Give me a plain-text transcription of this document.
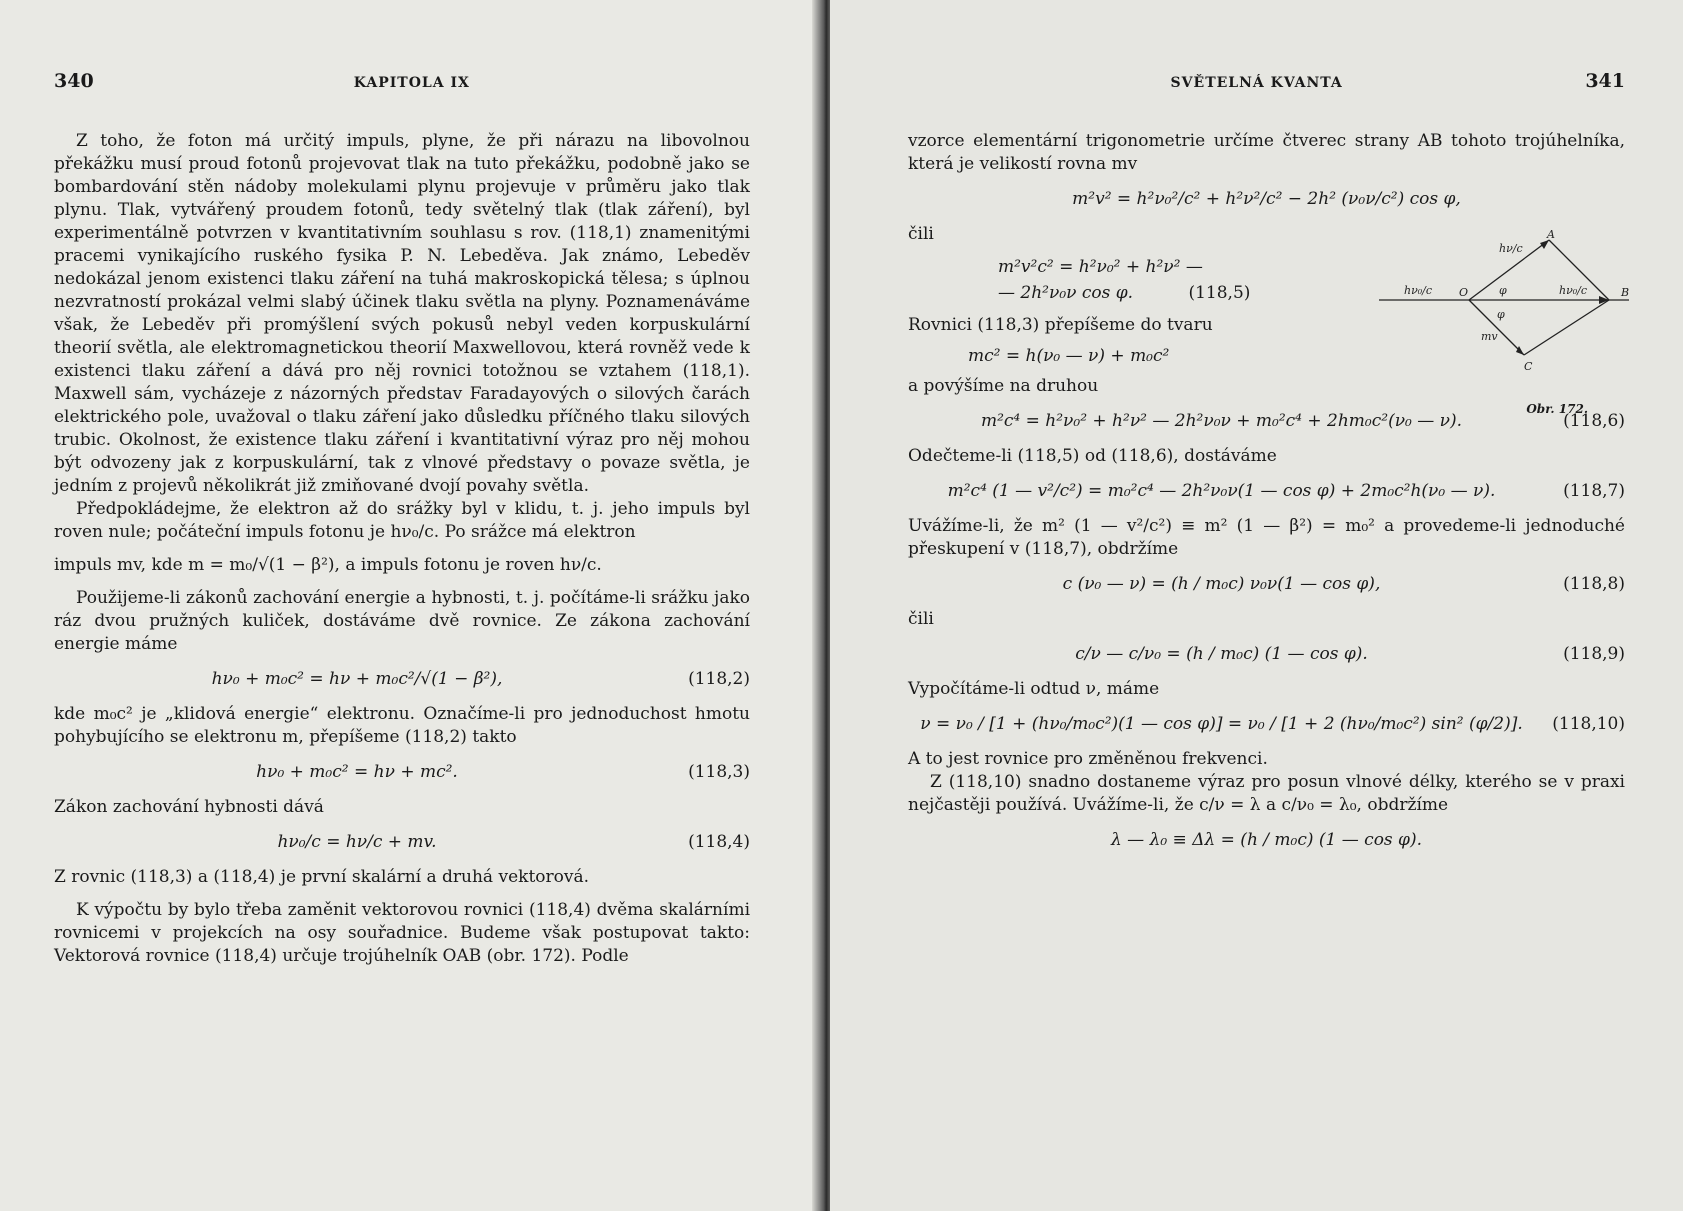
340	KAPITOLA IX

Z toho, že foton má určitý impuls, plyne, že při nárazu na libovolnou překážku musí proud fotonů projevovat tlak na tuto překážku, podobně jako se bombardování stěn nádoby molekulami plynu projevuje v průměru jako tlak plynu. Tlak, vytvářený proudem fotonů, tedy světelný tlak (tlak záření), byl experimentálně potvrzen v kvantitativním souhlasu s rov. (118,1) znamenitými pracemi vynikajícího ruského fysika P. N. Lebeděva. Jak známo, Lebeděv nedokázal jenom existenci tlaku záření na tuhá makroskopická tělesa; s úplnou nezvratností prokázal velmi slabý účinek tlaku světla na plyny. Poznamenáváme však, že Lebeděv při promýšlení svých pokusů nebyl veden korpuskulární theorií světla, ale elektromagnetickou theorií Maxwellovou, která rovněž vede k existenci tlaku záření a dává pro něj rovnici totožnou se vztahem (118,1). Maxwell sám, vycházeje z názorných představ Faradayových o silových čarách elektrického pole, uvažoval o tlaku záření jako důsledku příčného tlaku silových trubic. Okolnost, že existence tlaku záření i kvantitativní výraz pro něj mohou být odvozeny jak z korpuskulární, tak z vlnové představy o povaze světla, je jedním z projevů několikrát již zmiňované dvojí povahy světla.

Předpokládejme, že elektron až do srážky byl v klidu, t. j. jeho impuls byl roven nule; počáteční impuls fotonu je hν₀/c. Po srážce má elektron

impuls mv, kde m = m₀/√(1 − β²), a impuls fotonu je roven hν/c.

Použijeme-li zákonů zachování energie a hybnosti, t. j. počítáme-li srážku jako ráz dvou pružných kuliček, dostáváme dvě rovnice. Ze zákona zachování energie máme

hν₀ + m₀c² = hν + m₀c²/√(1 − β²),	(118,2)

kde m₀c² je „klidová energie“ elektronu. Označíme-li pro jednoduchost hmotu pohybujícího se elektronu m, přepíšeme (118,2) takto

hν₀ + m₀c² = hν + mc².	(118,3)

Zákon zachování hybnosti dává

hν₀/c = hν/c + mv.	(118,4)

Z rovnic (118,3) a (118,4) je první skalární a druhá vektorová.

K výpočtu by bylo třeba zaměnit vektorovou rovnici (118,4) dvěma skalárními rovnicemi v projekcích na osy souřadnice. Budeme však postupovat takto: Vektorová rovnice (118,4) určuje trojúhelník OAB (obr. 172). Podle

SVĚTELNÁ KVANTA	341

vzorce elementární trigonometrie určíme čtverec strany AB tohoto trojúhelníka, která je velikostí rovna mv

m²v² = h²ν₀²/c² + h²ν²/c² − 2h² (ν₀ν/c²) cos φ,

čili

m²v²c² = h²ν₀² + h²ν² —
— 2h²ν₀ν cos φ.	(118,5)

Rovnici (118,3) přepíšeme do tvaru

mc² = h(ν₀ — ν) + m₀c²

a povýšíme na druhou

m²c⁴ = h²ν₀² + h²ν² — 2h²ν₀ν + m₀²c⁴ + 2hm₀c²(ν₀ — ν).	(118,6)

Odečteme-li (118,5) od (118,6), dostáváme

m²c⁴ (1 — v²/c²) = m₀²c⁴ — 2h²ν₀ν(1 — cos φ) + 2m₀c²h(ν₀ — ν).	(118,7)

Uvážíme-li, že m² (1 — v²/c²) ≡ m² (1 — β²) = m₀² a provedeme-li jednoduché přeskupení v (118,7), obdržíme

c (ν₀ — ν) = (h / m₀c) ν₀ν(1 — cos φ),	(118,8)

čili

c/ν — c/ν₀ = (h / m₀c) (1 — cos φ).	(118,9)

Vypočítáme-li odtud ν, máme

ν = ν₀ / [1 + (hν₀/m₀c²)(1 — cos φ)] = ν₀ / [1 + 2 (hν₀/m₀c²) sin² (φ/2)].	(118,10)

A to jest rovnice pro změněnou frekvenci.

Z (118,10) snadno dostaneme výraz pro posun vlnové délky, kterého se v praxi nejčastěji používá. Uvážíme-li, že c/ν = λ a c/ν₀ = λ₀, obdržíme

λ — λ₀ ≡ Δλ = (h / m₀c) (1 — cos φ).
A
O	B
C
hν/c
hν₀/c	hν₀/c
φ
φ
mv
Obr. 172.
